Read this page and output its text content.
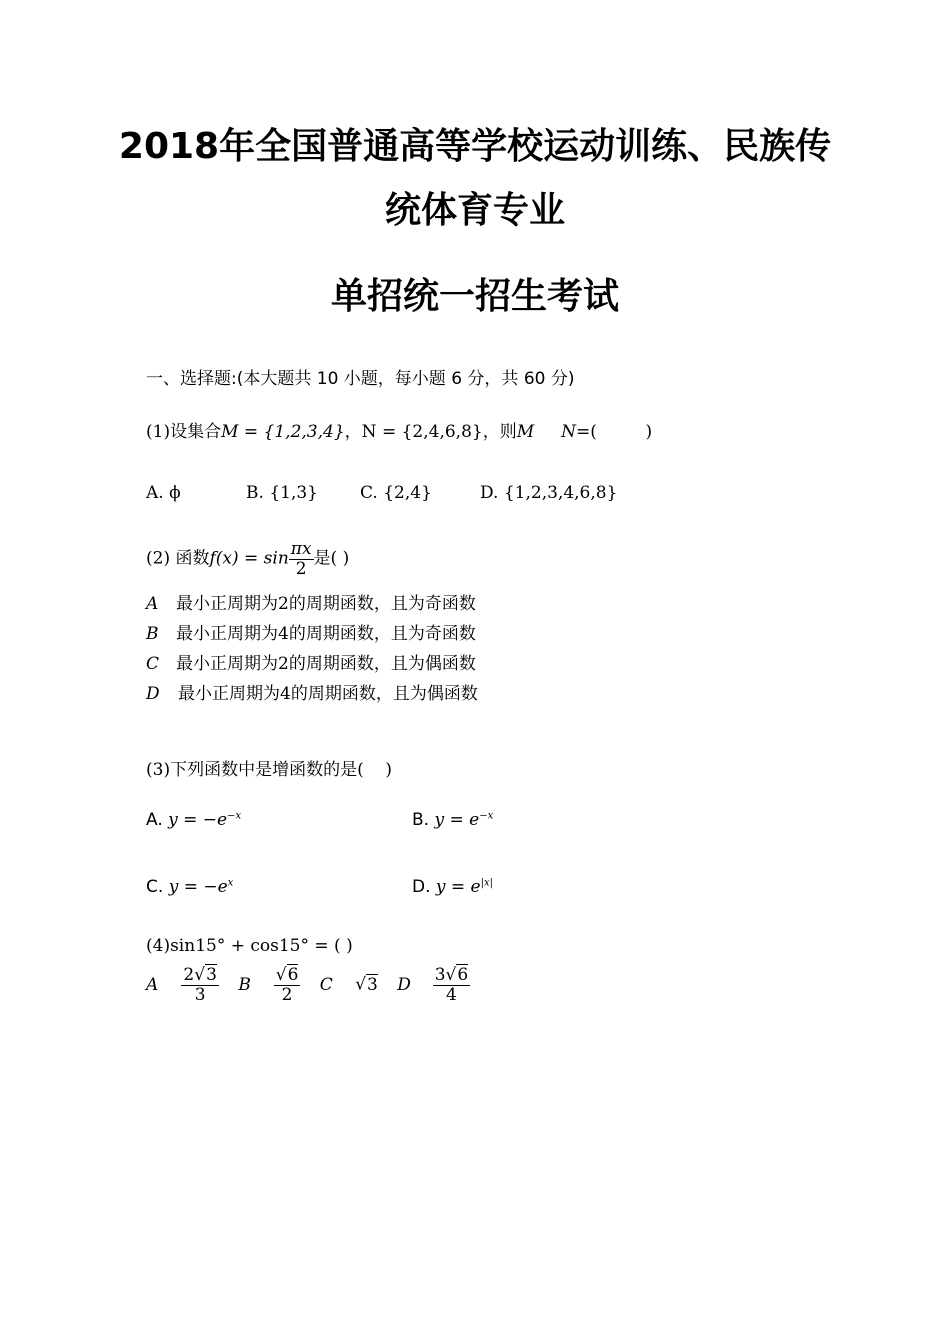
2018年全国普通高等学校运动训练、民族传
统体育专业
单招统一招生考试
一、选择题:(本大题共 10 小题，每小题 6 分，共 60 分)
(1)设集合M = {1,2,3,4}，N = {2,4,6,8}，则M N=(         )
A. ϕ	B. {1,3} C. {2,4}	D. {1,2,3,4,6,8}
(2) 函数$f(x) = \sin \frac{\pi x}{2}$ 是( )
A 最小正周期为2的周期函数，且为奇函数
B 最小正周期为4的周期函数，且为奇函数
C 最小正周期为2的周期函数，且为偶函数
D 最小正周期为4的周期函数，且为偶函数
(3)下列函数中是增函数的是(    )
A. $y = -e^{-x}$	B. $y = e^{-x}$
C. $y = -e^x$	D. $y = e^{|x|}$
(4)sin15° + cos15° = ( )
A $\frac{2√3}{3}$ B $\frac{√6}{2}$ C √3 D $\frac{3√6}{4}$
